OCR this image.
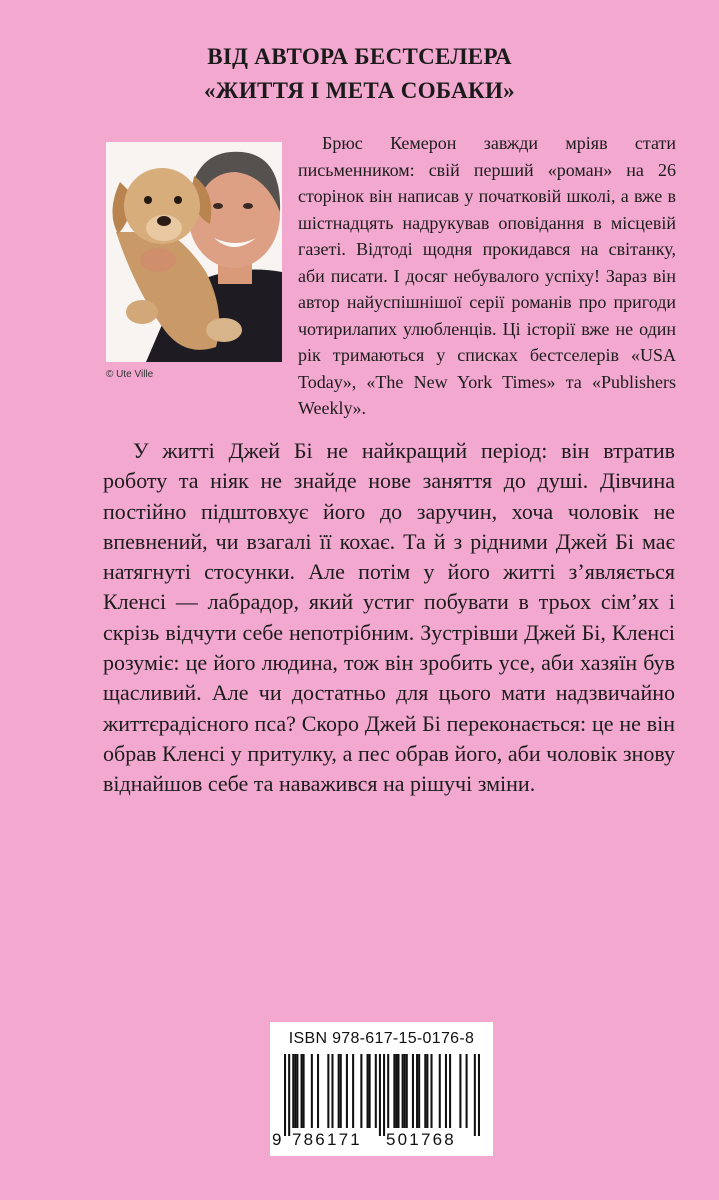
ВІД АВТОРА БЕСТСЕЛЕРА
«ЖИТТЯ І МЕТА СОБАКИ»
© Ute Ville

Брюс Кемерон завжди мріяв стати письменником: свій перший «роман» на 26 сторінок він написав у початковій школі, а вже в шістнадцять надрукував оповідання в місцевій газеті. Відтоді щодня прокидався на світанку, аби писати. І досяг небувалого успіху! Зараз він автор найуспішнішої серії романів про пригоди чотирилапих улюбленців. Ці історії вже не один рік тримаються у списках бестселерів «USA Today», «The New York Times» та «Publishers Weekly».

У житті Джей Бі не найкращий період: він втратив роботу та ніяк не знайде нове заняття до душі. Дівчина постійно підштовхує його до заручин, хоча чоловік не впевнений, чи взагалі її кохає. Та й з рідними Джей Бі має натягнуті стосунки. Але потім у його житті з’являється Кленсі — лабрадор, який устиг побувати в трьох сім’ях і скрізь відчути себе непотрібним. Зустрівши Джей Бі, Кленсі розуміє: це його людина, тож він зробить усе, аби хазяїн був щасливий. Але чи достатньо для цього мати надзвичайно життєрадісного пса? Скоро Джей Бі переконається: це не він обрав Кленсі у притулку, а пес обрав його, аби чоловік знову віднайшов себе та наважився на рішучі зміни.

ISBN 978-617-15-0176-8
9 786171 501768
